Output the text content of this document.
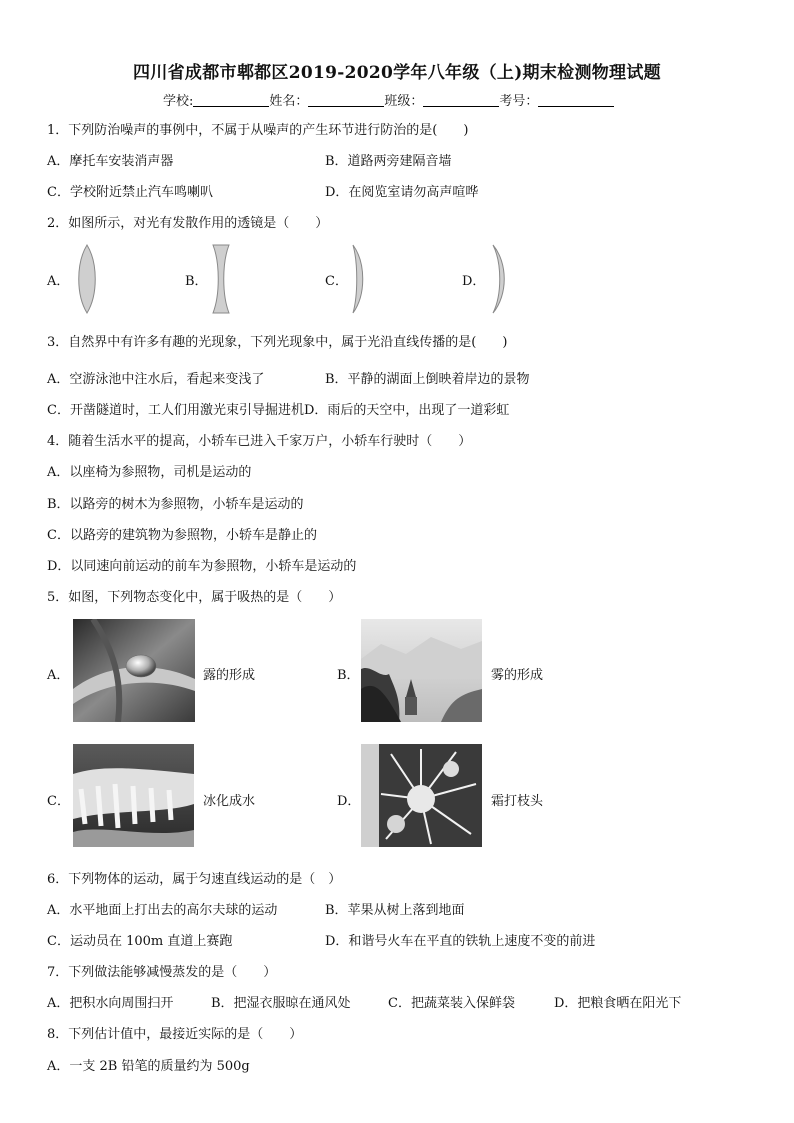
四川省成都市郫都区2019-2020学年八年级（上)期末检测物理试题
学校:	姓名：	班级：	考号：
1．下列防治噪声的事例中，不属于从噪声的产生环节进行防治的是(　　)
A．摩托车安装消声器	B．道路两旁建隔音墙
C．学校附近禁止汽车鸣喇叭	D．在阅览室请勿高声喧哗
2．如图所示，对光有发散作用的透镜是（　　）
A．	B．	C．	D．
3．自然界中有许多有趣的光现象，下列光现象中，属于光沿直线传播的是(　　)
A．空游泳池中注水后，看起来变浅了	B．平静的湖面上倒映着岸边的景物
C．开凿隧道时，工人们用激光束引导掘进机D．雨后的天空中，出现了一道彩虹
4．随着生活水平的提高，小轿车已进入千家万户，小轿车行驶时（　　）
A．以座椅为参照物，司机是运动的
B．以路旁的树木为参照物，小轿车是运动的
C．以路旁的建筑物为参照物，小轿车是静止的
D．以同速向前运动的前车为参照物，小轿车是运动的
5．如图，下列物态变化中，属于吸热的是（　　）
A．	露的形成	B．	雾的形成
C．	冰化成水	D．	霜打枝头
6．下列物体的运动，属于匀速直线运动的是（　）
A．水平地面上打出去的高尔夫球的运动	B．苹果从树上落到地面
C．运动员在 100m 直道上赛跑	D．和谐号火车在平直的铁轨上速度不变的前进
7．下列做法能够减慢蒸发的是（　　）
A．把积水向周围扫开	B．把湿衣服晾在通风处	C．把蔬菜装入保鲜袋	D．把粮食晒在阳光下
8．下列估计值中，最接近实际的是（　　）
A．一支 2B 铅笔的质量约为 500g
